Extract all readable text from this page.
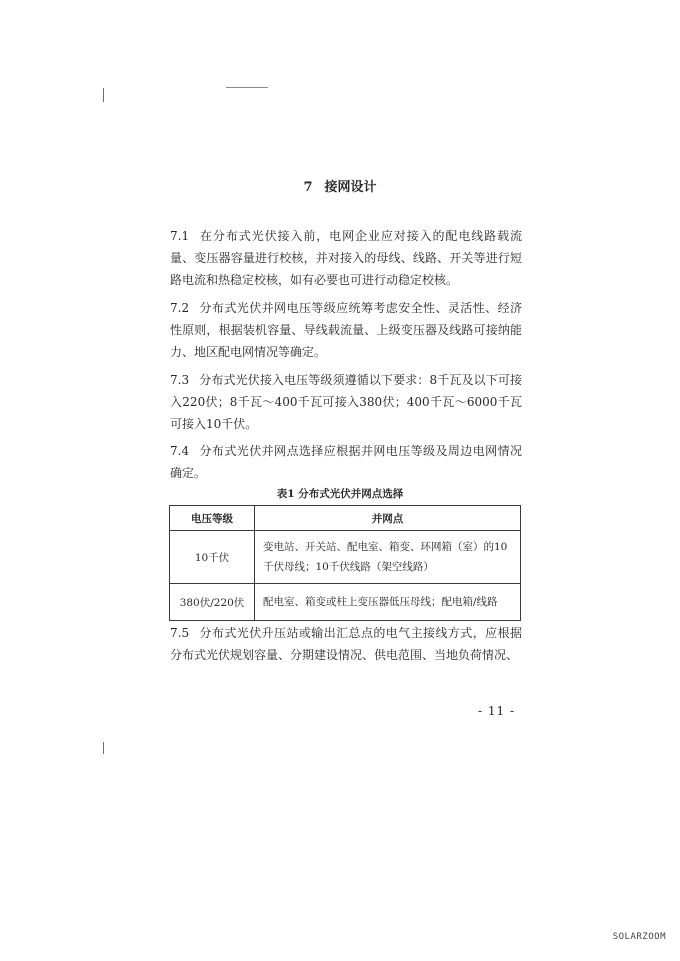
7 接网设计
7.1 在分布式光伏接入前，电网企业应对接入的配电线路载流量、变压器容量进行校核，并对接入的母线、线路、开关等进行短路电流和热稳定校核，如有必要也可进行动稳定校核。
7.2 分布式光伏并网电压等级应统筹考虑安全性、灵活性、经济性原则，根据装机容量、导线载流量、上级变压器及线路可接纳能力、地区配电网情况等确定。
7.3 分布式光伏接入电压等级须遵循以下要求：8千瓦及以下可接入220伏；8千瓦～400千瓦可接入380伏；400千瓦～6000千瓦可接入10千伏。
7.4 分布式光伏并网点选择应根据并网电压等级及周边电网情况确定。
表1 分布式光伏并网点选择
电压等级	并网点
10千伏	变电站、开关站、配电室、箱变、环网箱（室）的10千伏母线；10千伏线路（架空线路）
380伏/220伏	配电室、箱变或柱上变压器低压母线；配电箱/线路
7.5 分布式光伏升压站或输出汇总点的电气主接线方式，应根据分布式光伏规划容量、分期建设情况、供电范围、当地负荷情况、
- 11 -
SOLARZOOM
